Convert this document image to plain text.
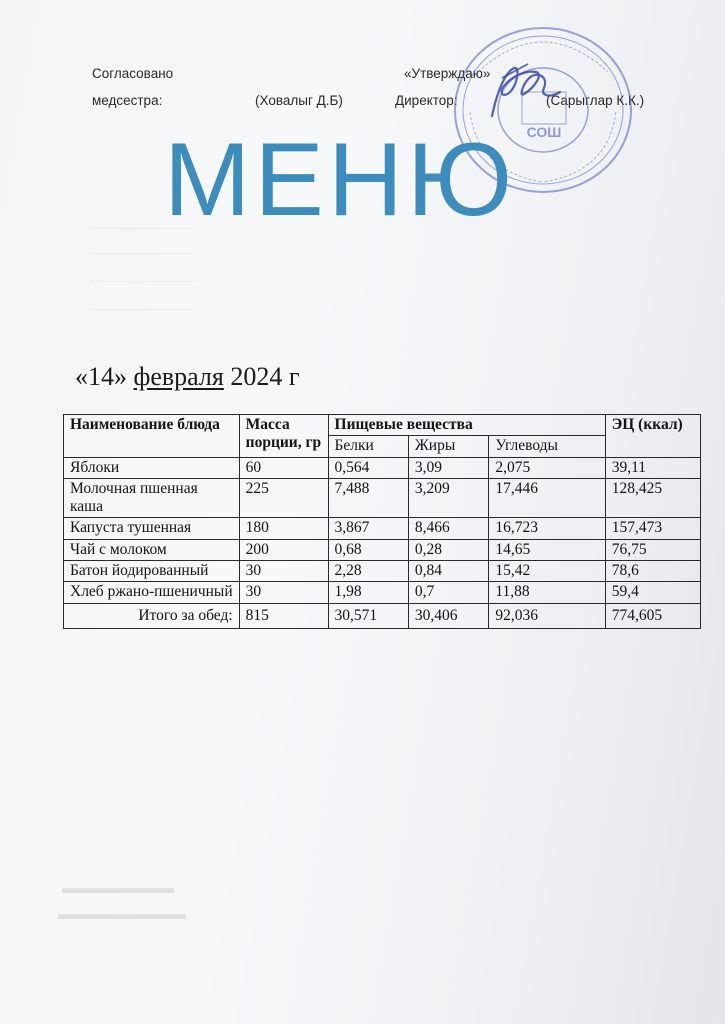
______________
______________
______________
______________
Согласовано
медсестра:	(Ховалыг Д.Б)
«Утверждаю»
Директор:	(Сарыглар К.К.)
СОШ
МЕНЮ
«14» февраля 2024 г
Наименование блюда	Масса порции, гр	Пищевые вещества			ЭЦ (ккал)
		Белки	Жиры	Углеводы	
Яблоки	60	0,564	3,09	2,075	39,11
Молочная пшенная каша	225	7,488	3,209	17,446	128,425
Капуста тушенная	180	3,867	8,466	16,723	157,473
Чай с молоком	200	0,68	0,28	14,65	76,75
Батон йодированный	30	2,28	0,84	15,42	78,6
Хлеб ржано-пшеничный	30	1,98	0,7	11,88	59,4
Итого за обед:	815	30,571	30,406	92,036	774,605
▬▬▬▬▬▬▬
▬▬▬▬▬▬▬▬
